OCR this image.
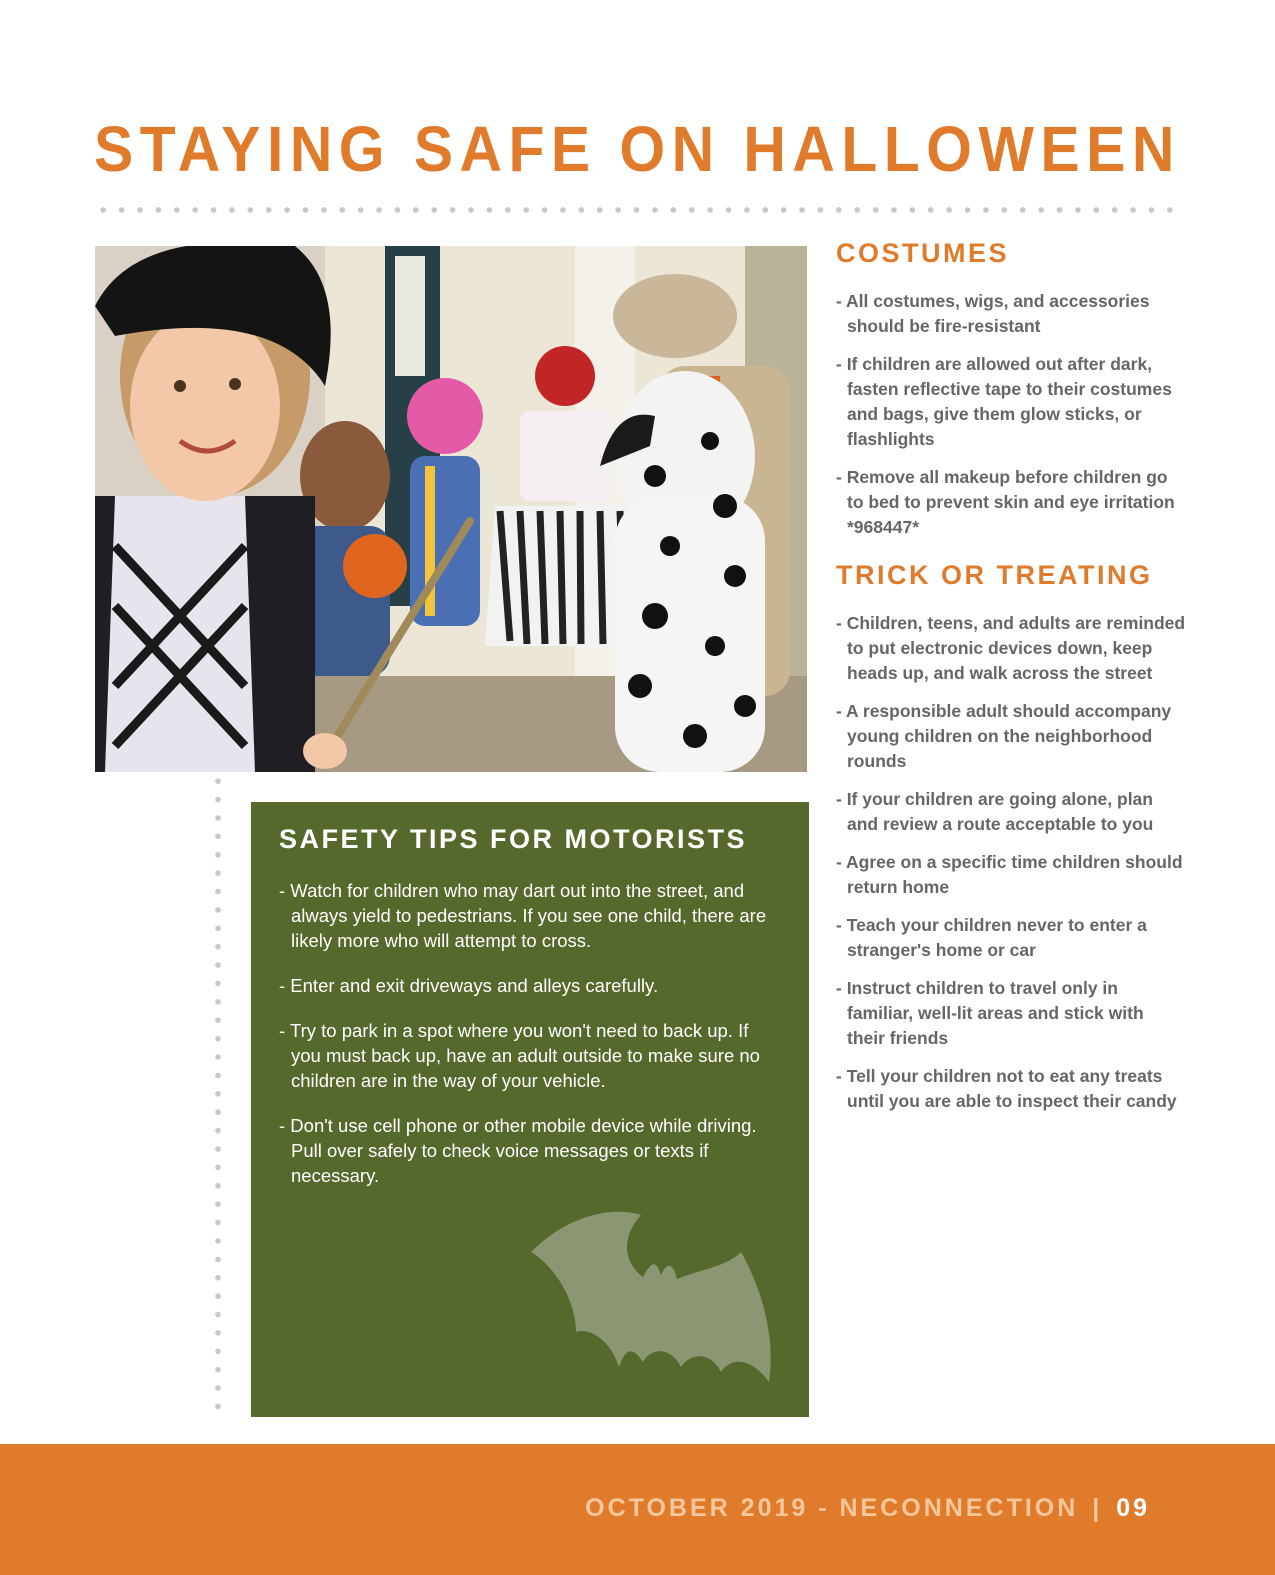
STAYING SAFE ON HALLOWEEN
SAFETY TIPS FOR MOTORISTS
- Watch for children who may dart out into the street, and always yield to pedestrians. If you see one child, there are likely more who will attempt to cross.
- Enter and exit driveways and alleys carefully.
- Try to park in a spot where you won't need to back up. If you must back up, have an adult outside to make sure no children are in the way of your vehicle.
- Don't use cell phone or other mobile device while driving. Pull over safely to check voice messages or texts if necessary.
COSTUMES
- All costumes, wigs, and accessories should be fire-resistant
- If children are allowed out after dark, fasten reflective tape to their costumes and bags, give them glow sticks, or flashlights
- Remove all makeup before children go to bed to prevent skin and eye irritation *968447*
TRICK OR TREATING
- Children, teens, and adults are reminded to put electronic devices down, keep heads up, and walk across the street
- A responsible adult should accompany young children on the neighborhood rounds
- If your children are going alone, plan and review a route acceptable to you
- Agree on a specific time children should return home
- Teach your children never to enter a stranger's home or car
- Instruct children to travel only in familiar, well-lit areas and stick with their friends
- Tell your children not to eat any treats until you are able to inspect their candy
OCTOBER 2019 - NECONNECTION | 09
